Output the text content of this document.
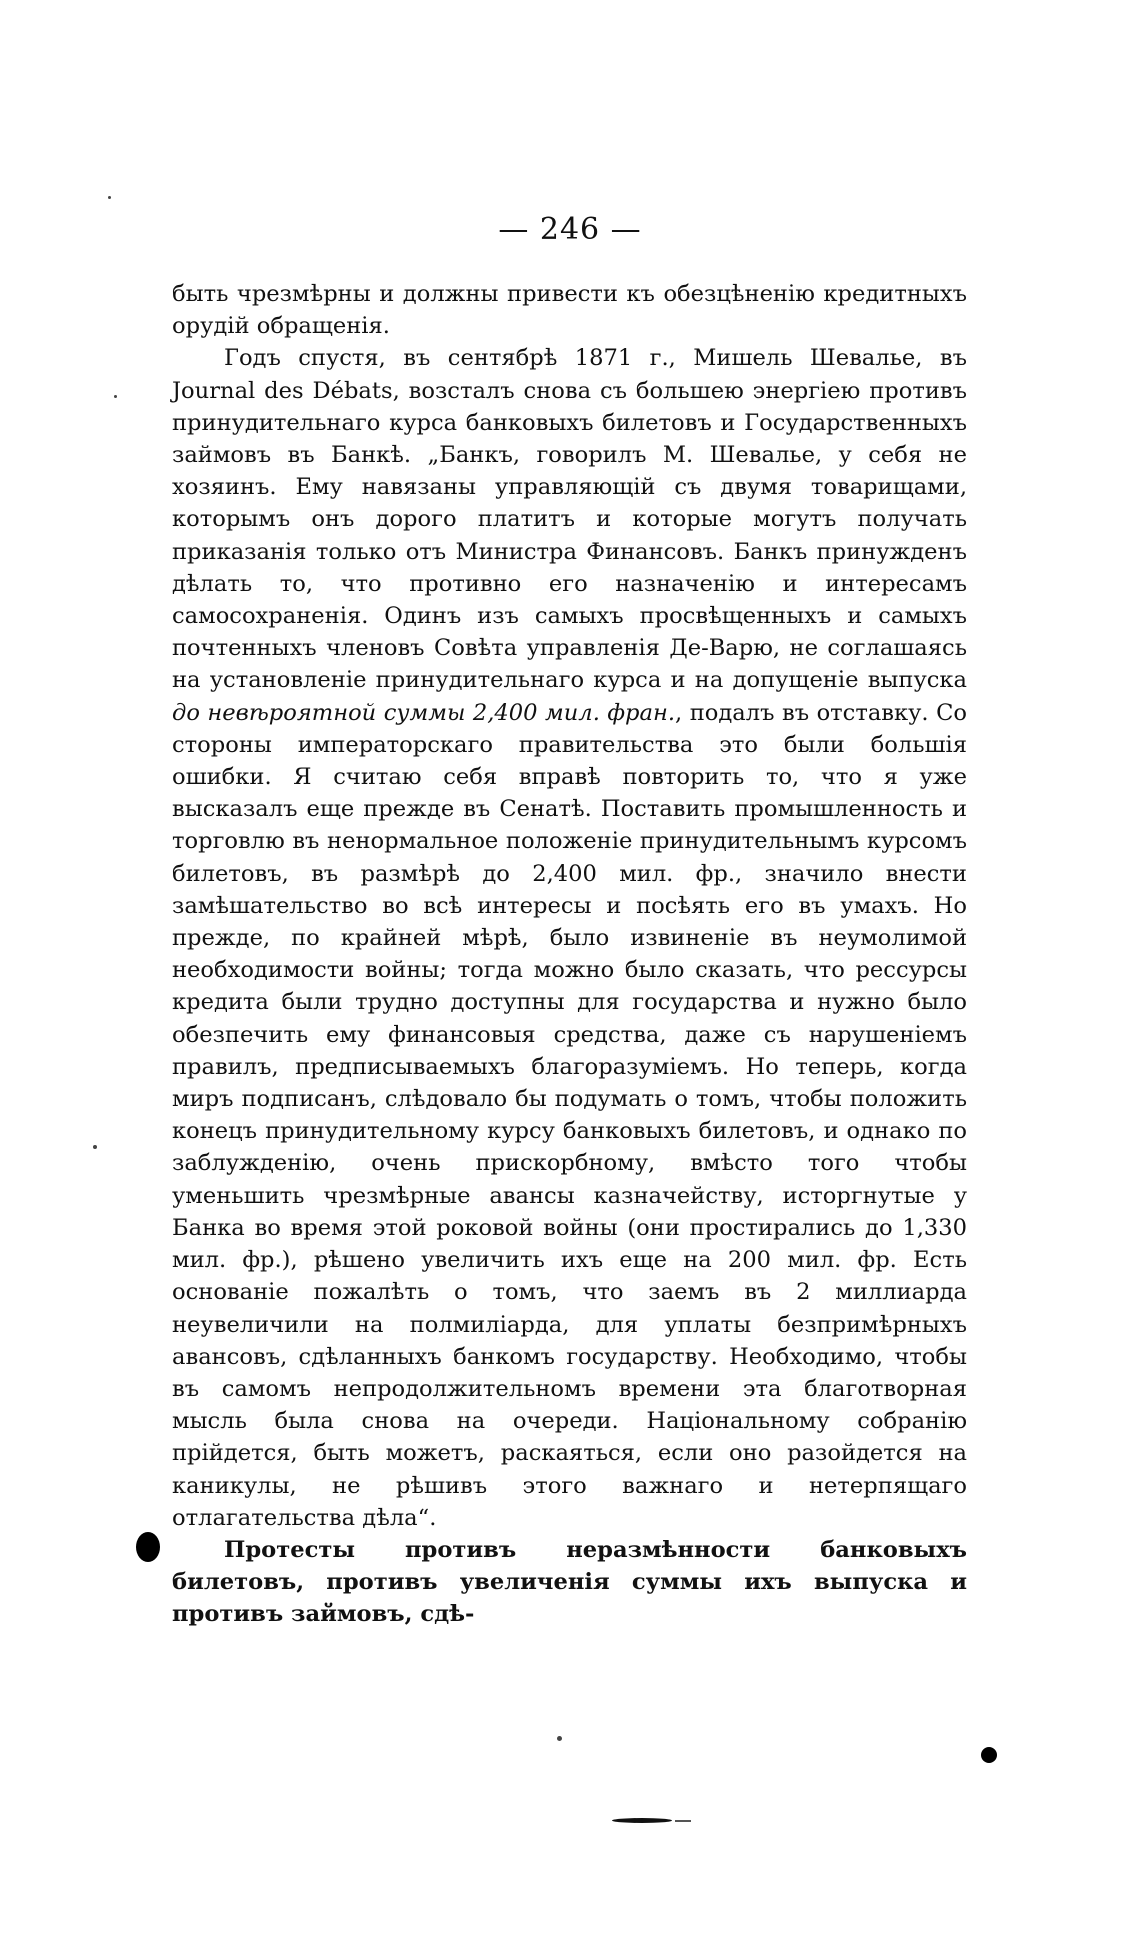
— 246 —

быть чрезмѣрны и должны привести къ обезцѣненію кредитныхъ орудій обращенія.

Годъ спустя, въ сентябрѣ 1871 г., Мишель Шевалье, въ Journal des Débats, возсталъ снова съ большею энергіею противъ принудительнаго курса банковыхъ билетовъ и Государственныхъ займовъ въ Банкѣ. „Банкъ, говорилъ М. Шевалье, у себя не хозяинъ. Ему навязаны управляющій съ двумя товарищами, которымъ онъ дорого платитъ и которые могутъ получать приказанія только отъ Министра Финансовъ. Банкъ принужденъ дѣлать то, что противно его назначенію и интересамъ самосохраненія. Одинъ изъ самыхъ просвѣщенныхъ и самыхъ почтенныхъ членовъ Совѣта управленія Де-Варю, не соглашаясь на установленіе принудительнаго курса и на допущеніе выпуска до невѣроятной суммы 2,400 мил. фран., подалъ въ отставку. Со стороны императорскаго правительства это были большія ошибки. Я считаю себя вправѣ повторить то, что я уже высказалъ еще прежде въ Сенатѣ. Поставить промышленность и торговлю въ ненормальное положеніе принудительнымъ курсомъ билетовъ, въ размѣрѣ до 2,400 мил. фр., значило внести замѣшательство во всѣ интересы и посѣять его въ умахъ. Но прежде, по крайней мѣрѣ, было извиненіе въ неумолимой необходимости войны; тогда можно было сказать, что рессурсы кредита были трудно доступны для государства и нужно было обезпечить ему финансовыя средства, даже съ нарушеніемъ правилъ, предписываемыхъ благоразуміемъ. Но теперь, когда миръ подписанъ, слѣдовало бы подумать о томъ, чтобы положить конецъ принудительному курсу банковыхъ билетовъ, и однако по заблужденію, очень прискорбному, вмѣсто того чтобы уменьшить чрезмѣрные авансы казначейству, исторгнутые у Банка во время этой роковой войны (они простирались до 1,330 мил. фр.), рѣшено увеличить ихъ еще на 200 мил. фр. Есть основаніе пожалѣть о томъ, что заемъ въ 2 миллиарда неувеличили на полмиліарда, для уплаты безпримѣрныхъ авансовъ, сдѣланныхъ банкомъ государству. Необходимо, чтобы въ самомъ непродолжительномъ времени эта благотворная мысль была снова на очереди. Національному собранію прійдется, быть можетъ, раскаяться, если оно разойдется на каникулы, не рѣшивъ этого важнаго и нетерпящаго отлагательства дѣла“.

Протесты противъ неразмѣнности банковыхъ билетовъ, противъ увеличенія суммы ихъ выпуска и противъ займовъ, сдѣ-
